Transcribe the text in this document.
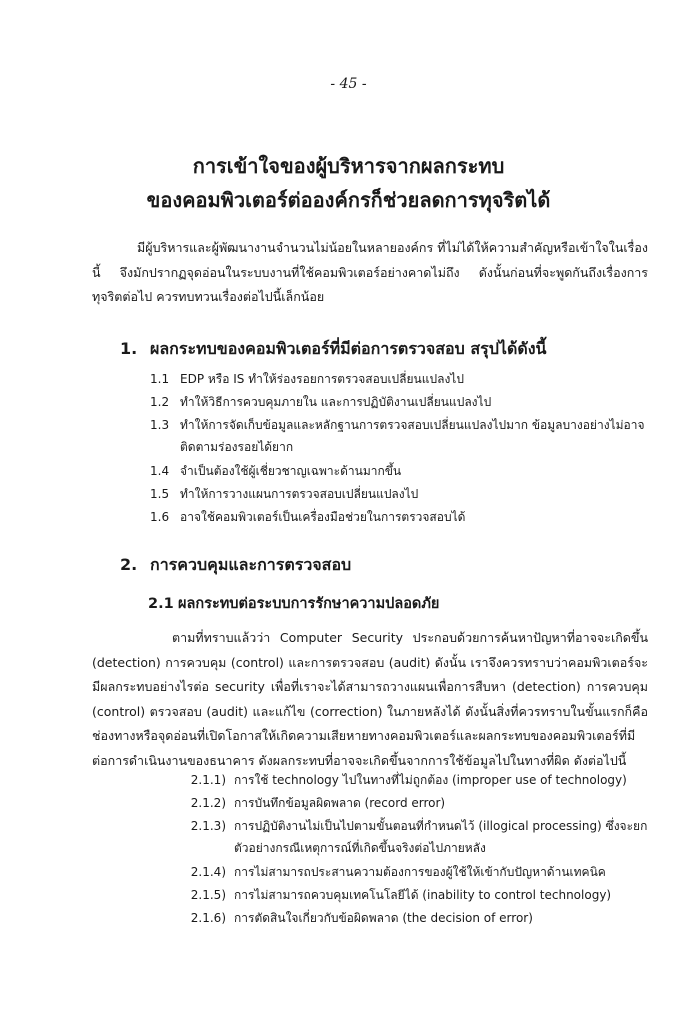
- 45 -
การเข้าใจของผู้บริหารจากผลกระทบ
ของคอมพิวเตอร์ต่อองค์กรก็ช่วยลดการทุจริตได้
มีผู้บริหารและผู้พัฒนางานจำนวนไม่น้อยในหลายองค์กร ที่ไม่ได้ให้ความสำคัญหรือเข้าใจในเรื่องนี้ จึงมักปรากฏจุดอ่อนในระบบงานที่ใช้คอมพิวเตอร์อย่างคาดไม่ถึง ดังนั้นก่อนที่จะพูดกันถึงเรื่องการทุจริตต่อไป ควรทบทวนเรื่องต่อไปนี้เล็กน้อย
1. ผลกระทบของคอมพิวเตอร์ที่มีต่อการตรวจสอบ สรุปได้ดังนี้
1.1 EDP หรือ IS ทำให้ร่องรอยการตรวจสอบเปลี่ยนแปลงไป
1.2 ทำให้วิธีการควบคุมภายใน และการปฏิบัติงานเปลี่ยนแปลงไป
1.3 ทำให้การจัดเก็บข้อมูลและหลักฐานการตรวจสอบเปลี่ยนแปลงไปมาก ข้อมูลบางอย่างไม่อาจติดตามร่องรอยได้ยาก
1.4 จำเป็นต้องใช้ผู้เชี่ยวชาญเฉพาะด้านมากขึ้น
1.5 ทำให้การวางแผนการตรวจสอบเปลี่ยนแปลงไป
1.6 อาจใช้คอมพิวเตอร์เป็นเครื่องมือช่วยในการตรวจสอบได้
2. การควบคุมและการตรวจสอบ
2.1 ผลกระทบต่อระบบการรักษาความปลอดภัย
ตามที่ทราบแล้วว่า Computer Security ประกอบด้วยการค้นหาปัญหาที่อาจจะเกิดขึ้น (detection) การควบคุม (control) และการตรวจสอบ (audit) ดังนั้น เราจึงควรทราบว่าคอมพิวเตอร์จะมีผลกระทบอย่างไรต่อ security เพื่อที่เราจะได้สามารถวางแผนเพื่อการสืบหา (detection) การควบคุม (control) ตรวจสอบ (audit) และแก้ไข (correction) ในภายหลังได้ ดังนั้นสิ่งที่ควรทราบในขั้นแรกก็คือ ช่องทางหรือจุดอ่อนที่เปิดโอกาสให้เกิดความเสียหายทางคอมพิวเตอร์และผลกระทบของคอมพิวเตอร์ที่มีต่อการดำเนินงานของธนาคาร ดังผลกระทบที่อาจจะเกิดขึ้นจากการใช้ข้อมูลไปในทางที่ผิด ดังต่อไปนี้
2.1.1) การใช้ technology ไปในทางที่ไม่ถูกต้อง (improper use of technology)
2.1.2) การบันทึกข้อมูลผิดพลาด (record error)
2.1.3) การปฏิบัติงานไม่เป็นไปตามขั้นตอนที่กำหนดไว้ (illogical processing) ซึ่งจะยกตัวอย่างกรณีเหตุการณ์ที่เกิดขึ้นจริงต่อไปภายหลัง
2.1.4) การไม่สามารถประสานความต้องการของผู้ใช้ให้เข้ากับปัญหาด้านเทคนิค
2.1.5) การไม่สามารถควบคุมเทคโนโลยีได้ (inability to control technology)
2.1.6) การตัดสินใจเกี่ยวกับข้อผิดพลาด (the decision of error)
